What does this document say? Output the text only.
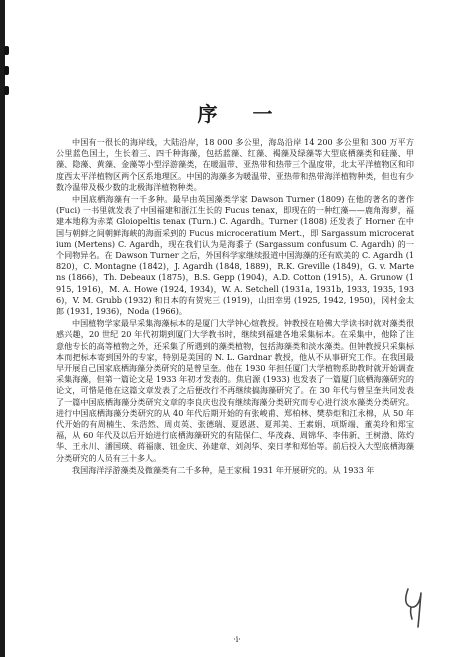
序 一

中国有一很长的海岸线，大陆沿岸，18 000 多公里，海岛沿岸 14 200 多公里和 300 万平方公里蓝色国土，生长着三、四千种海藻，包括蓝藻、红藻、褐藻及绿藻等大型底栖藻类和硅藻、甲藻、隐藻、黄藻、金藻等小型浮游藻类，在暖温带、亚热带和热带三个温度带，北太平洋植物区和印度西太平洋植物区两个区系地理区。中国的海藻多为暖温带、亚热带和热带海洋植物种类，但也有少数冷温带及极少数的北极海洋植物种类。

中国底栖海藻有一千多种。最早由英国藻类学家 Dawson Turner (1809) 在他的著名的著作 (Fuci) 一书里就发表了中国福建和浙江生长的 Fucus tenax，即现在的一种红藻——鹿角海萝，福建本地称为赤菜 Gloiopeltis tenax (Turn.) C. Agardh。Turner (1808) 还发表了 Horner 在中国与朝鲜之间朝鲜海峡的海面采到的 Fucus microceratium Mert.，即 Sargassum microceratium (Mertens) C. Agardh，现在我们认为是海黍子 (Sargassum confusum C. Agardh) 的一个同物异名。在 Dawson Turner 之后，外国科学家继续报道中国海藻的还有欧美的 C. Agardh (1820)，C. Montagne (1842)，J. Agardh (1848, 1889)，R.K. Greville (1849)，G. v. Martens (1866)，Th. Debeaux (1875)，B.S. Gepp (1904)，A.D. Cotton (1915)，A. Grunow (1915, 1916)，M. A. Howe (1924, 1934)，W. A. Setchell (1931a, 1931b, 1933, 1935, 1936)，V. M. Grubb (1932) 和日本的有贺宪三 (1919)，山田幸男 (1925, 1942, 1950)，冈村金太郎 (1931, 1936)，Noda (1966)。

中国植物学家最早采集海藻标本的是厦门大学钟心煊教授。钟教授在哈佛大学读书时就对藻类很感兴趣，20 世纪 20 年代初期到厦门大学教书时，继续到福建各地采集标本。在采集中，他除了注意他专长的高等植物之外，还采集了所遇到的藻类植物，包括海藻类和淡水藻类。但钟教授只采集标本而把标本寄到国外的专家，特别是美国的 N. L. Gardnar 教授，他从不从事研究工作。在我国最早开展自己国家底栖海藻分类研究的是曾呈奎。他在 1930 年担任厦门大学植物系助教时就开始调查采集海藻，但第一篇论文是 1933 年初才发表的。焦启源 (1933) 也发表了一篇厦门底栖海藻研究的论文，可惜是他在这篇文章发表了之后便改行不再继续搞海藻研究了。在 30 年代与曾呈奎共同发表了一篇中国底栖海藻分类研究文章的李良庆也没有继续海藻分类研究而专心进行淡水藻类分类研究。进行中国底栖海藻分类研究的从 40 年代后期开始的有张峻甫、郑柏林、樊恭炬和江永棉，从 50 年代开始的有周楠生、朱浩然、周贞英、张德瑞、夏恩湛、夏邦美、王素娟、项斯端、董美玲和郑宝福，从 60 年代及以后开始进行底栖海藻研究的有陆保仁、华茂森、周锦华、李伟新、王树渤、陈灼华、王永川、潘国瑛、蒋福康、钮金庆、孙建章、刘剑华、栾日孝和郑怡等。前后投入大型底栖海藻分类研究的人员有三十多人。

我国海洋浮游藻类及微藻类有二千多种，是王家楫 1931 年开展研究的。从 1933 年

·i·
